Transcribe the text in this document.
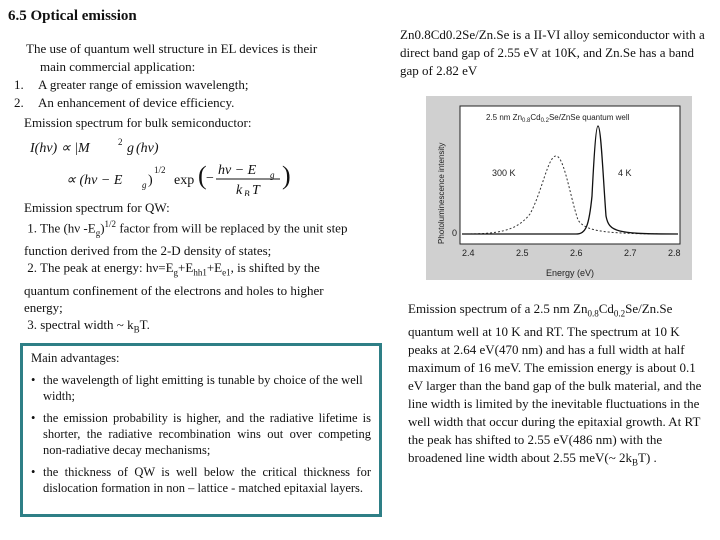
6.5 Optical emission
The use of quantum well structure in EL devices is their main commercial application:
1. A greater range of emission wavelength;
2. An enhancement of device efficiency.
Emission spectrum for bulk semiconductor:
I(hν) ∝ |M	2 g (hν)
∝ (hν − E g )
1/2
exp ( −
hν − E g
k B T
)
Emission spectrum for QW:
1. The (hν $-E_g)^{1/2}$ factor from will be replaced by the unit step function derived from the 2-D density of states;
2. The peak at energy: $h\nu=E_g+E_{hh1}+E_{e1}$, is shifted by the quantum confinement of the electrons and holes to higher energy;
3. spectral width ~ $k_BT$.
Main advantages:
• the wavelength of light emitting is tunable by choice of the well width;
• the emission probability is higher, and the radiative lifetime is shorter, the radiative recombination wins out over competing non-radiative decay mechanisms;
• the thickness of QW is well below the critical thickness for dislocation formation in non – lattice - matched epitaxial layers.
Zn0.8Cd0.2Se/Zn.Se is a II-VI alloy semiconductor with a direct band gap of 2.55 eV at 10K, and Zn.Se has a band gap of 2.82 eV
2.5 nm $Zn_{0.8}Cd_{0.2}Se$/ZnSe quantum well
300 K	4 K
Photoluminescence intensity 0
Energy (eV)
2.4	2.5	2.6	2.7	2.8
Emission spectrum of a 2.5 nm $Zn_{0.8}Cd_{0.2}Se/Zn.Se$ quantum well at 10 K and RT. The spectrum at 10 K peaks at 2.64 eV(470 nm) and has a full width at half maximum of 16 meV. The emission energy is about 0.1 eV larger than the band gap of the bulk material, and the line width is limited by the inevitable fluctuations in the well width that occur during the epitaxial growth. At RT the peak has shifted to 2.55 eV(486 nm) with the broadened line width about 2.55 meV(~ $2k_BT$) .
